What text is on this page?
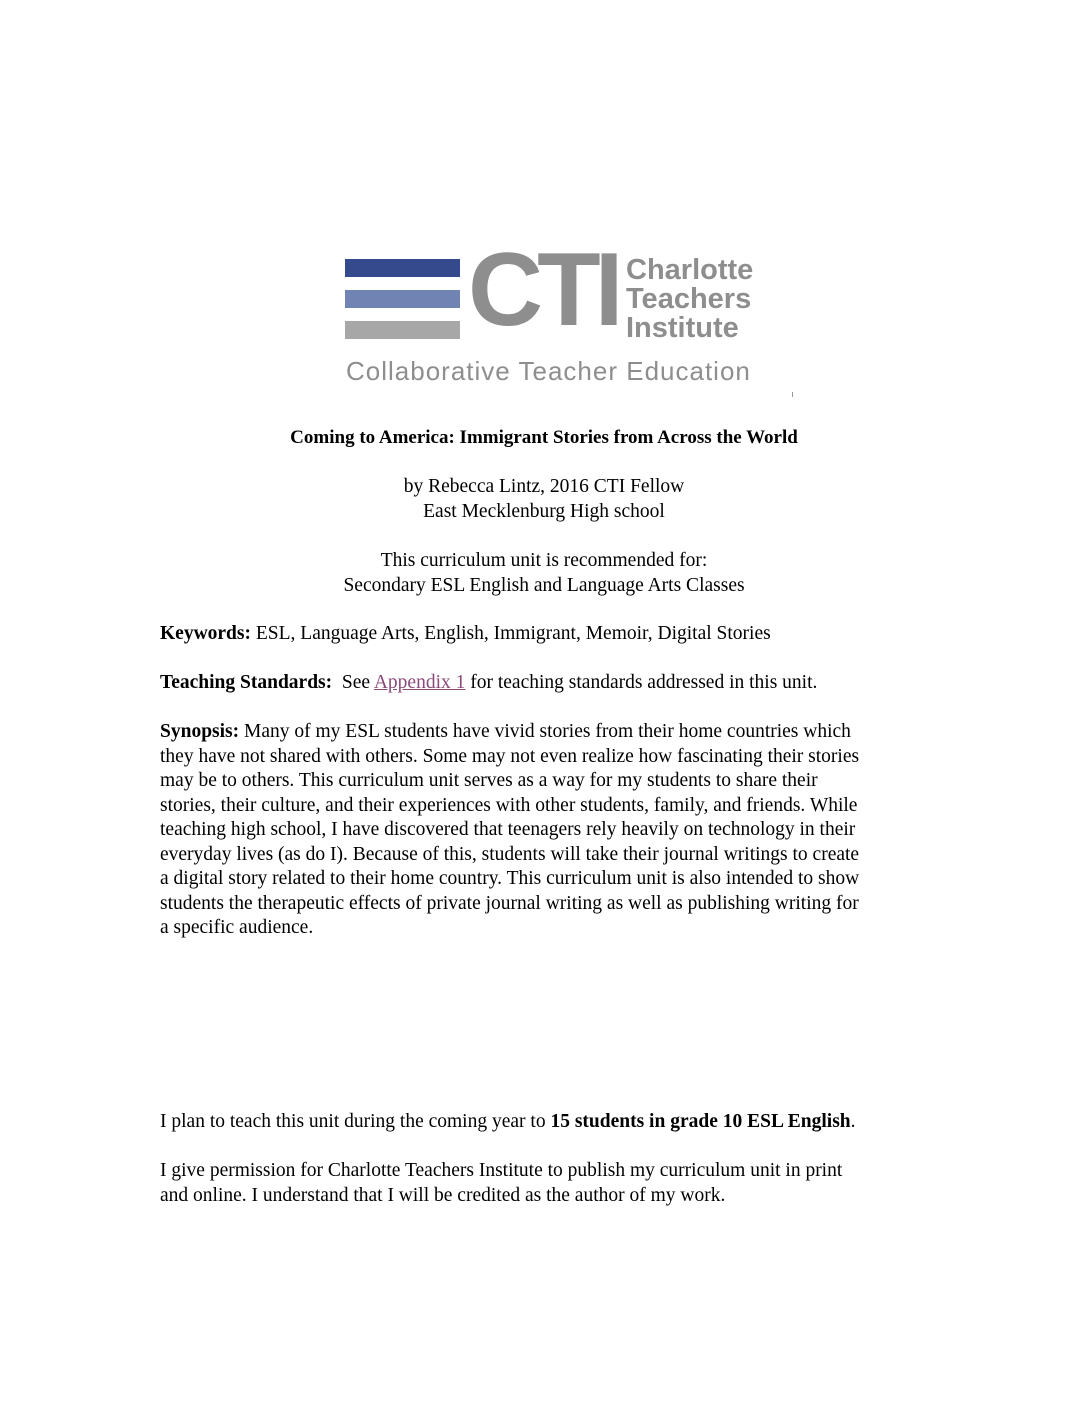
CTI Charlotte
Teachers
Institute
Collaborative Teacher Education
Coming to America: Immigrant Stories from Across the World
by Rebecca Lintz, 2016 CTI Fellow
East Mecklenburg High school
This curriculum unit is recommended for:
Secondary ESL English and Language Arts Classes
Keywords: ESL, Language Arts, English, Immigrant, Memoir, Digital Stories
Teaching Standards:  See Appendix 1 for teaching standards addressed in this unit.
Synopsis: Many of my ESL students have vivid stories from their home countries which
they have not shared with others. Some may not even realize how fascinating their stories
may be to others. This curriculum unit serves as a way for my students to share their
stories, their culture, and their experiences with other students, family, and friends. While
teaching high school, I have discovered that teenagers rely heavily on technology in their
everyday lives (as do I). Because of this, students will take their journal writings to create
a digital story related to their home country. This curriculum unit is also intended to show
students the therapeutic effects of private journal writing as well as publishing writing for
a specific audience.
I plan to teach this unit during the coming year to 15 students in grade 10 ESL English.
I give permission for Charlotte Teachers Institute to publish my curriculum unit in print
and online. I understand that I will be credited as the author of my work.
